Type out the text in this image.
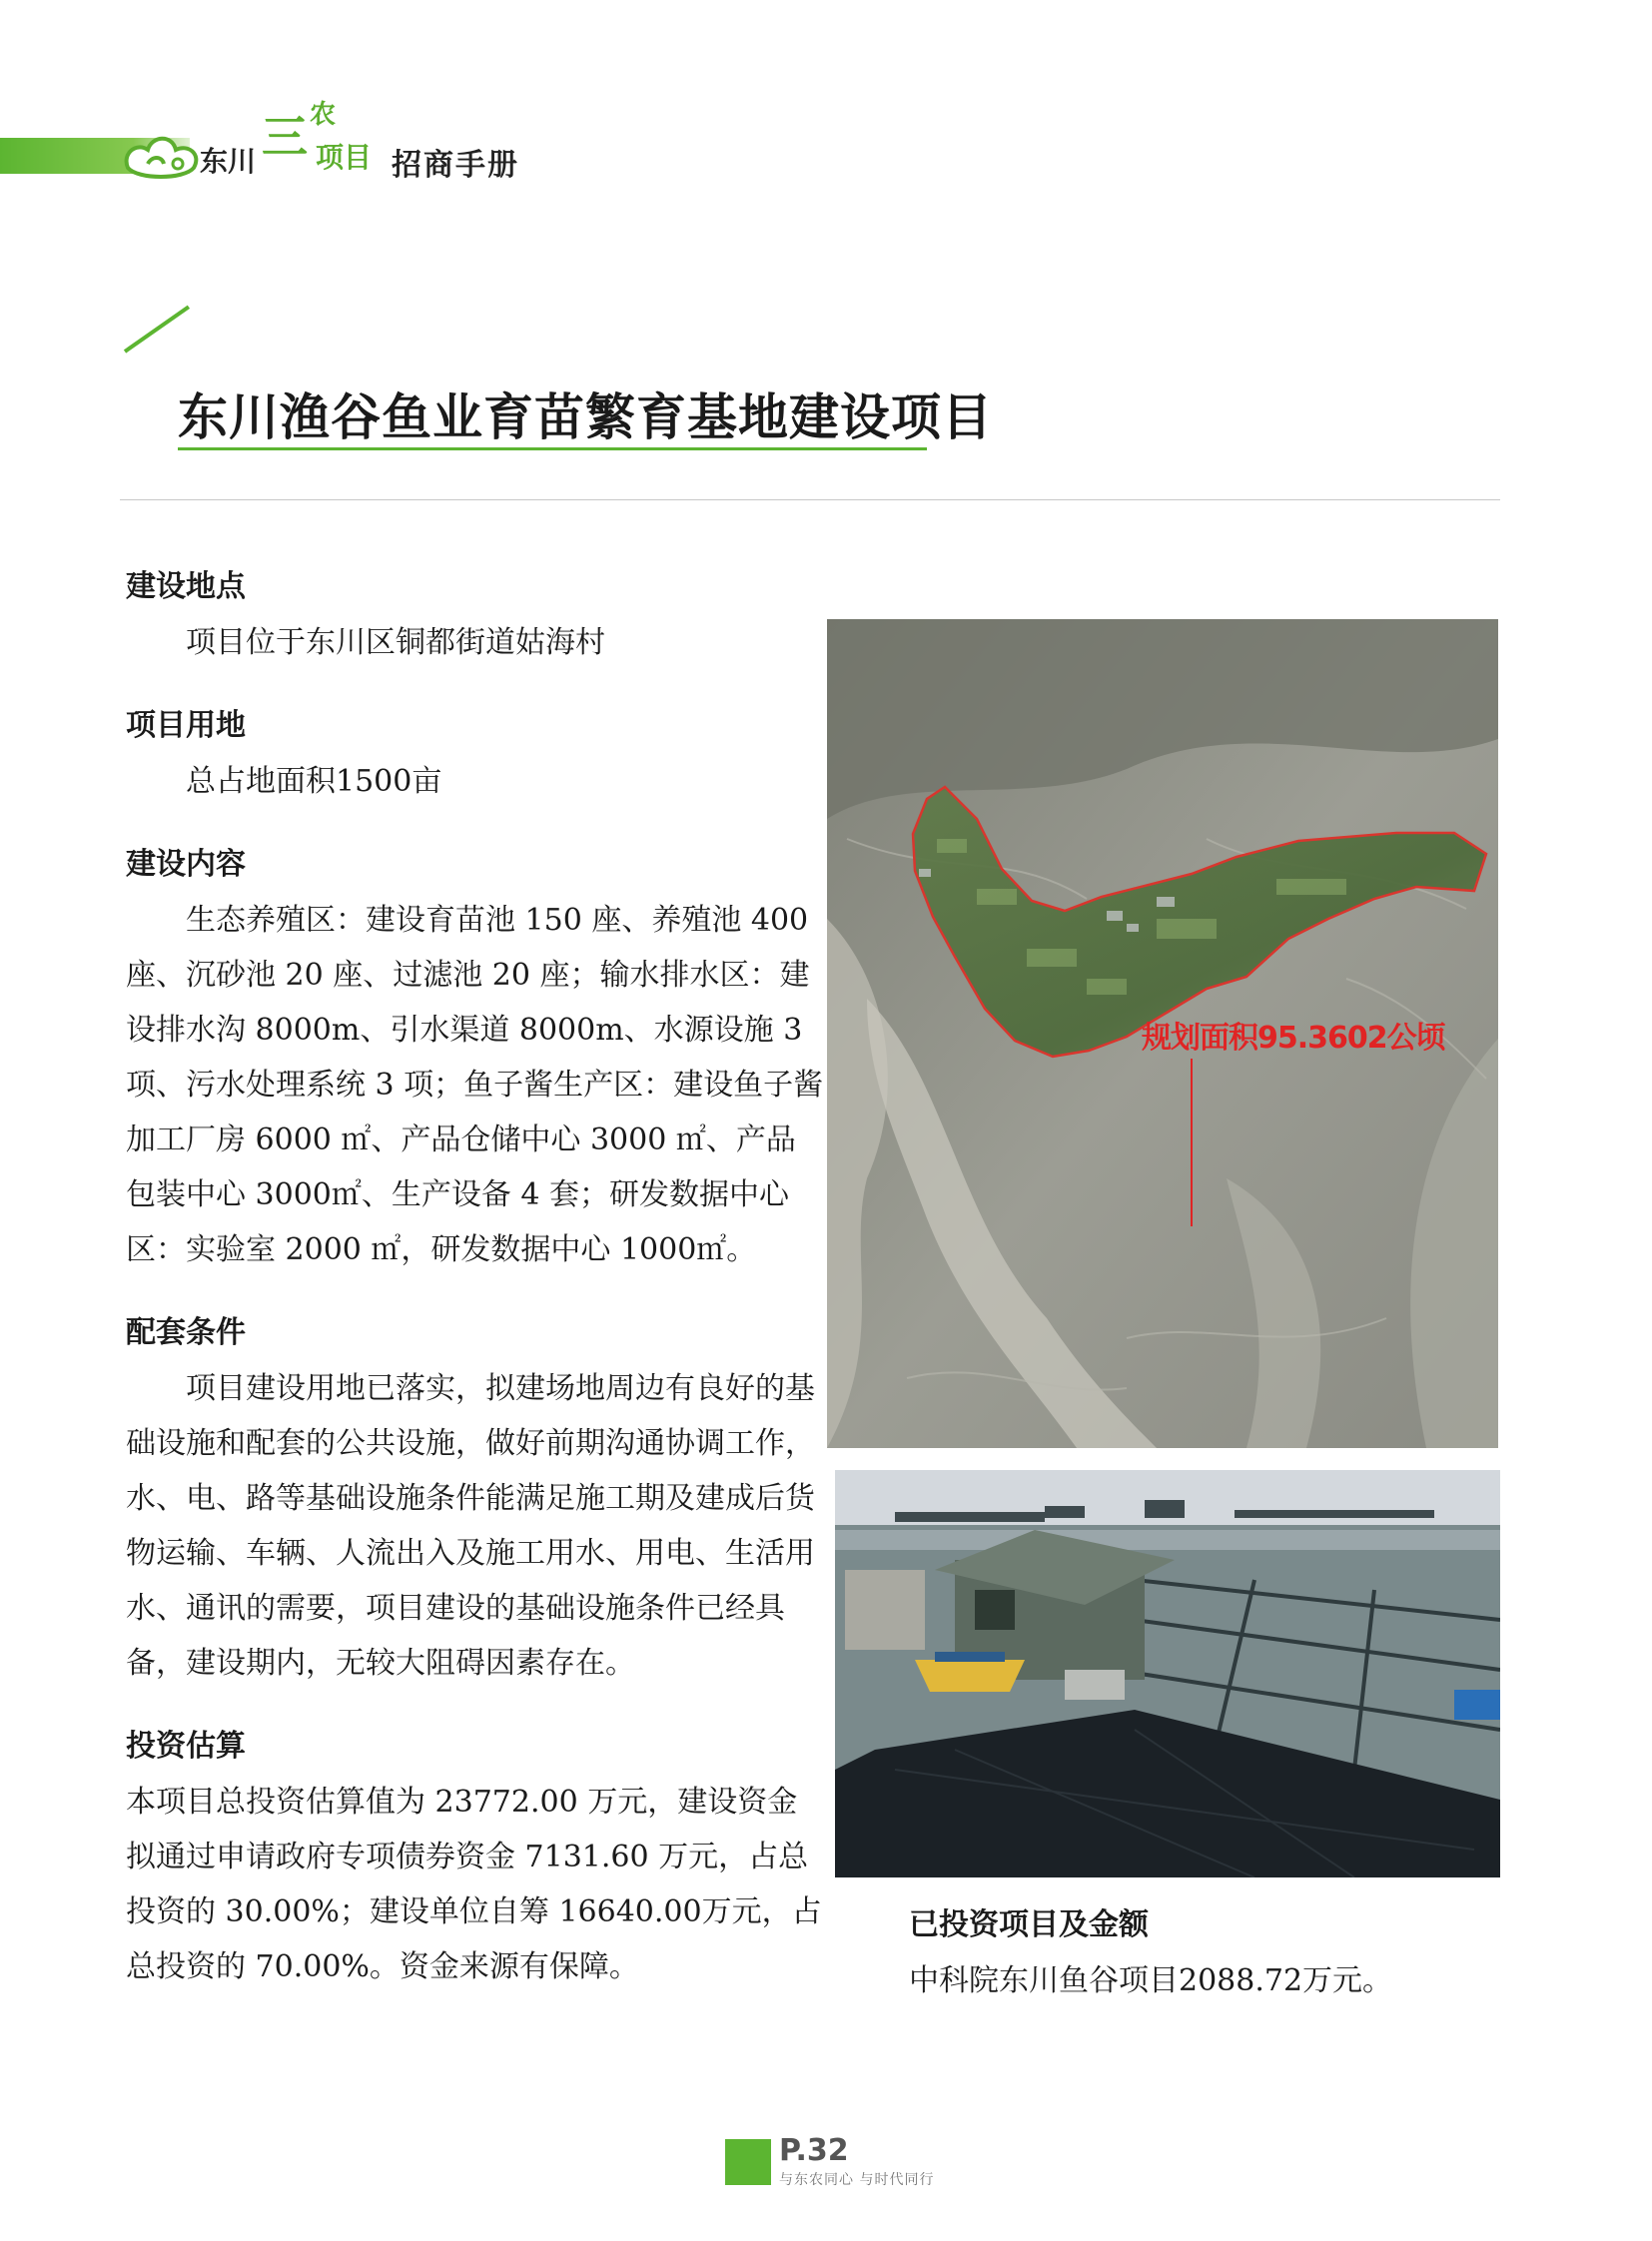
东川 三 农
项目 招商手册
东川渔谷鱼业育苗繁育基地建设项目
建设地点

项目位于东川区铜都街道姑海村

项目用地

总占地面积1500亩

建设内容

生态养殖区：建设育苗池 150 座、养殖池 400 座、沉砂池 20 座、过滤池 20 座；输水排水区：建设排水沟 8000m、引水渠道 8000m、水源设施 3 项、污水处理系统 3 项；鱼子酱生产区：建设鱼子酱加工厂房 6000 ㎡、产品仓储中心 3000 ㎡、产品包装中心 3000㎡、生产设备 4 套；研发数据中心区：实验室 2000 ㎡，研发数据中心 1000㎡。

配套条件

项目建设用地已落实，拟建场地周边有良好的基础设施和配套的公共设施，做好前期沟通协调工作，水、电、路等基础设施条件能满足施工期及建成后货物运输、车辆、人流出入及施工用水、用电、生活用水、通讯的需要，项目建设的基础设施条件已经具备，建设期内，无较大阻碍因素存在。

投资估算

本项目总投资估算值为 23772.00 万元，建设资金拟通过申请政府专项债券资金 7131.60 万元，占总投资的 30.00%；建设单位自筹 16640.00万元，占总投资的 70.00%。资金来源有保障。

规划面积95.3602公顷
已投资项目及金额

中科院东川鱼谷项目2088.72万元。

P.32
与东农同心 与时代同行
